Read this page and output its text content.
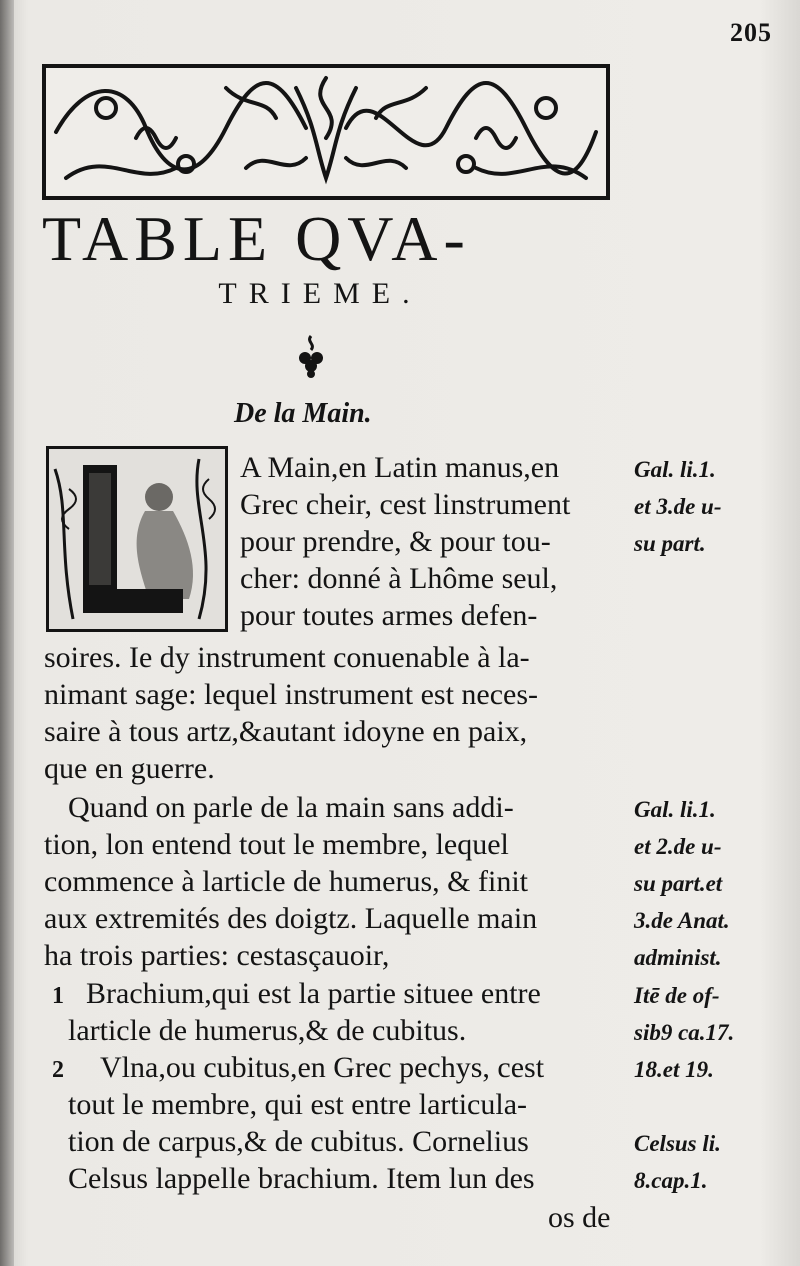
205
TABLE QVA-
TRIEME.
De la Main.
A Main,en Latin manus,en
Grec cheir, cest linstrument
pour prendre, & pour tou-
cher: donné à Lhôme seul,
pour toutes armes defen-
soires. Ie dy instrument conuenable à la-
nimant sage: lequel instrument est neces-
saire à tous artz,&autant idoyne en paix,
que en guerre.
Quand on parle de la main sans addi-
tion, lon entend tout le membre, lequel
commence à larticle de humerus, & finit
aux extremités des doigtz. Laquelle main
ha trois parties: cestasçauoir,
1 Brachium,qui est la partie situee entre
larticle de humerus,& de cubitus.
2 Vlna,ou cubitus,en Grec pechys, cest
tout le membre, qui est entre larticula-
tion de carpus,& de cubitus. Cornelius
Celsus lappelle brachium. Item lun des
os de
Gal. li.1.
et 3.de u-
su part.
Gal. li.1.
et 2.de u-
su part.et
3.de Anat.
administ.
Itē de of-
sib9 ca.17.
18.et 19.
Celsus li.
8.cap.1.
